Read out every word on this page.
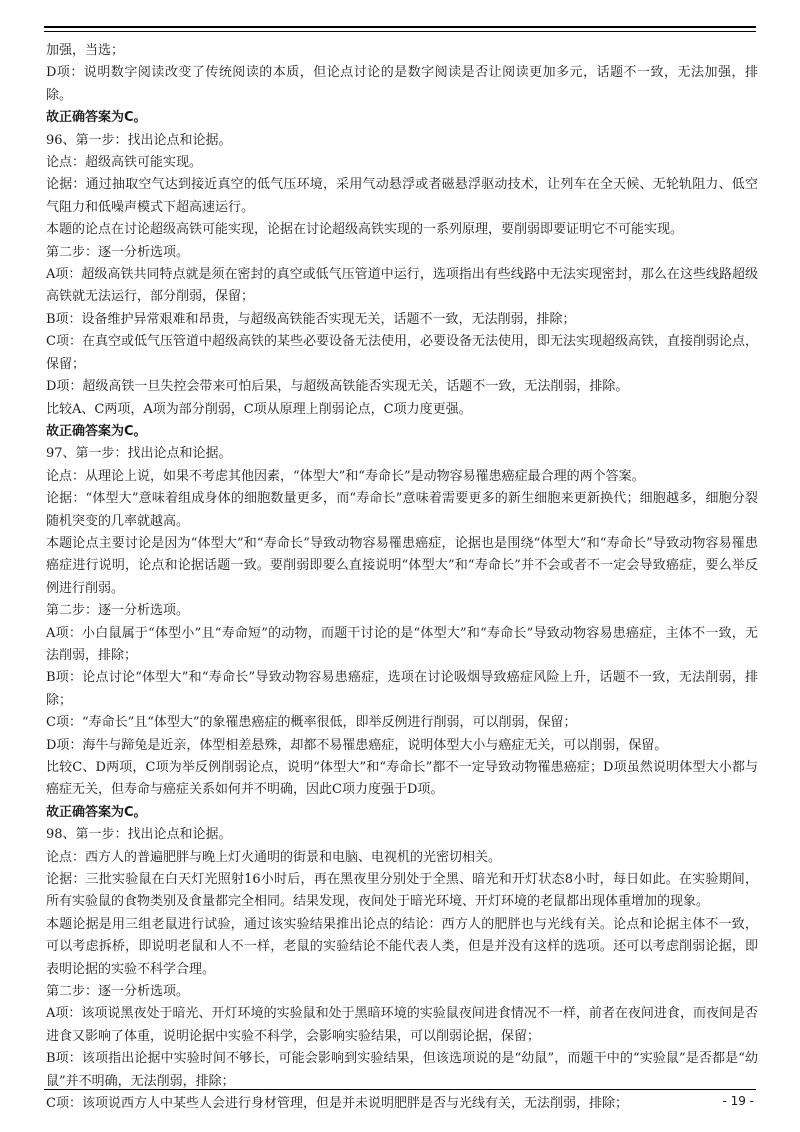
加强，当选；

D项：说明数字阅读改变了传统阅读的本质，但论点讨论的是数字阅读是否让阅读更加多元，话题不一致，无法加强，排除。

故正确答案为C。

96、第一步：找出论点和论据。

论点：超级高铁可能实现。

论据：通过抽取空气达到接近真空的低气压环境，采用气动悬浮或者磁悬浮驱动技术，让列车在全天候、无轮轨阻力、低空气阻力和低噪声模式下超高速运行。

本题的论点在讨论超级高铁可能实现，论据在讨论超级高铁实现的一系列原理，要削弱即要证明它不可能实现。

第二步：逐一分析选项。

A项：超级高铁共同特点就是须在密封的真空或低气压管道中运行，选项指出有些线路中无法实现密封，那么在这些线路超级高铁就无法运行，部分削弱，保留；

B项：设备维护异常艰难和昂贵，与超级高铁能否实现无关，话题不一致，无法削弱，排除；

C项：在真空或低气压管道中超级高铁的某些必要设备无法使用，必要设备无法使用，即无法实现超级高铁，直接削弱论点，保留；

D项：超级高铁一旦失控会带来可怕后果，与超级高铁能否实现无关，话题不一致，无法削弱，排除。

比较A、C两项，A项为部分削弱，C项从原理上削弱论点，C项力度更强。

故正确答案为C。

97、第一步：找出论点和论据。

论点：从理论上说，如果不考虑其他因素，“体型大”和“寿命长”是动物容易罹患癌症最合理的两个答案。

论据：“体型大”意味着组成身体的细胞数量更多，而“寿命长”意味着需要更多的新生细胞来更新换代；细胞越多，细胞分裂随机突变的几率就越高。

本题论点主要讨论是因为“体型大”和“寿命长”导致动物容易罹患癌症，论据也是围绕“体型大”和“寿命长”导致动物容易罹患癌症进行说明，论点和论据话题一致。要削弱即要么直接说明“体型大”和“寿命长”并不会或者不一定会导致癌症，要么举反例进行削弱。

第二步：逐一分析选项。

A项：小白鼠属于“体型小”且“寿命短”的动物，而题干讨论的是“体型大”和“寿命长”导致动物容易患癌症，主体不一致，无法削弱，排除；

B项：论点讨论“体型大”和“寿命长”导致动物容易患癌症，选项在讨论吸烟导致癌症风险上升，话题不一致，无法削弱，排除；

C项：“寿命长”且“体型大”的象罹患癌症的概率很低，即举反例进行削弱，可以削弱，保留；

D项：海牛与蹄兔是近亲，体型相差悬殊，却都不易罹患癌症，说明体型大小与癌症无关，可以削弱，保留。

比较C、D两项，C项为举反例削弱论点，说明“体型大”和“寿命长”都不一定导致动物罹患癌症；D项虽然说明体型大小都与癌症无关，但寿命与癌症关系如何并不明确，因此C项力度强于D项。

故正确答案为C。

98、第一步：找出论点和论据。

论点：西方人的普遍肥胖与晚上灯火通明的街景和电脑、电视机的光密切相关。

论据：三批实验鼠在白天灯光照射16小时后，再在黑夜里分别处于全黑、暗光和开灯状态8小时，每日如此。在实验期间，所有实验鼠的食物类别及食量都完全相同。结果发现，夜间处于暗光环境、开灯环境的老鼠都出现体重增加的现象。

本题论据是用三组老鼠进行试验，通过该实验结果推出论点的结论：西方人的肥胖也与光线有关。论点和论据主体不一致，可以考虑拆桥，即说明老鼠和人不一样，老鼠的实验结论不能代表人类，但是并没有这样的选项。还可以考虑削弱论据，即表明论据的实验不科学合理。

第二步：逐一分析选项。

A项：该项说黑夜处于暗光、开灯环境的实验鼠和处于黑暗环境的实验鼠夜间进食情况不一样，前者在夜间进食，而夜间是否进食又影响了体重，说明论据中实验不科学，会影响实验结果，可以削弱论据，保留；

B项：该项指出论据中实验时间不够长，可能会影响到实验结果，但该选项说的是“幼鼠”，而题干中的“实验鼠”是否都是“幼鼠”并不明确，无法削弱，排除；

C项：该项说西方人中某些人会进行身材管理，但是并未说明肥胖是否与光线有关，无法削弱，排除；	- 19 -
